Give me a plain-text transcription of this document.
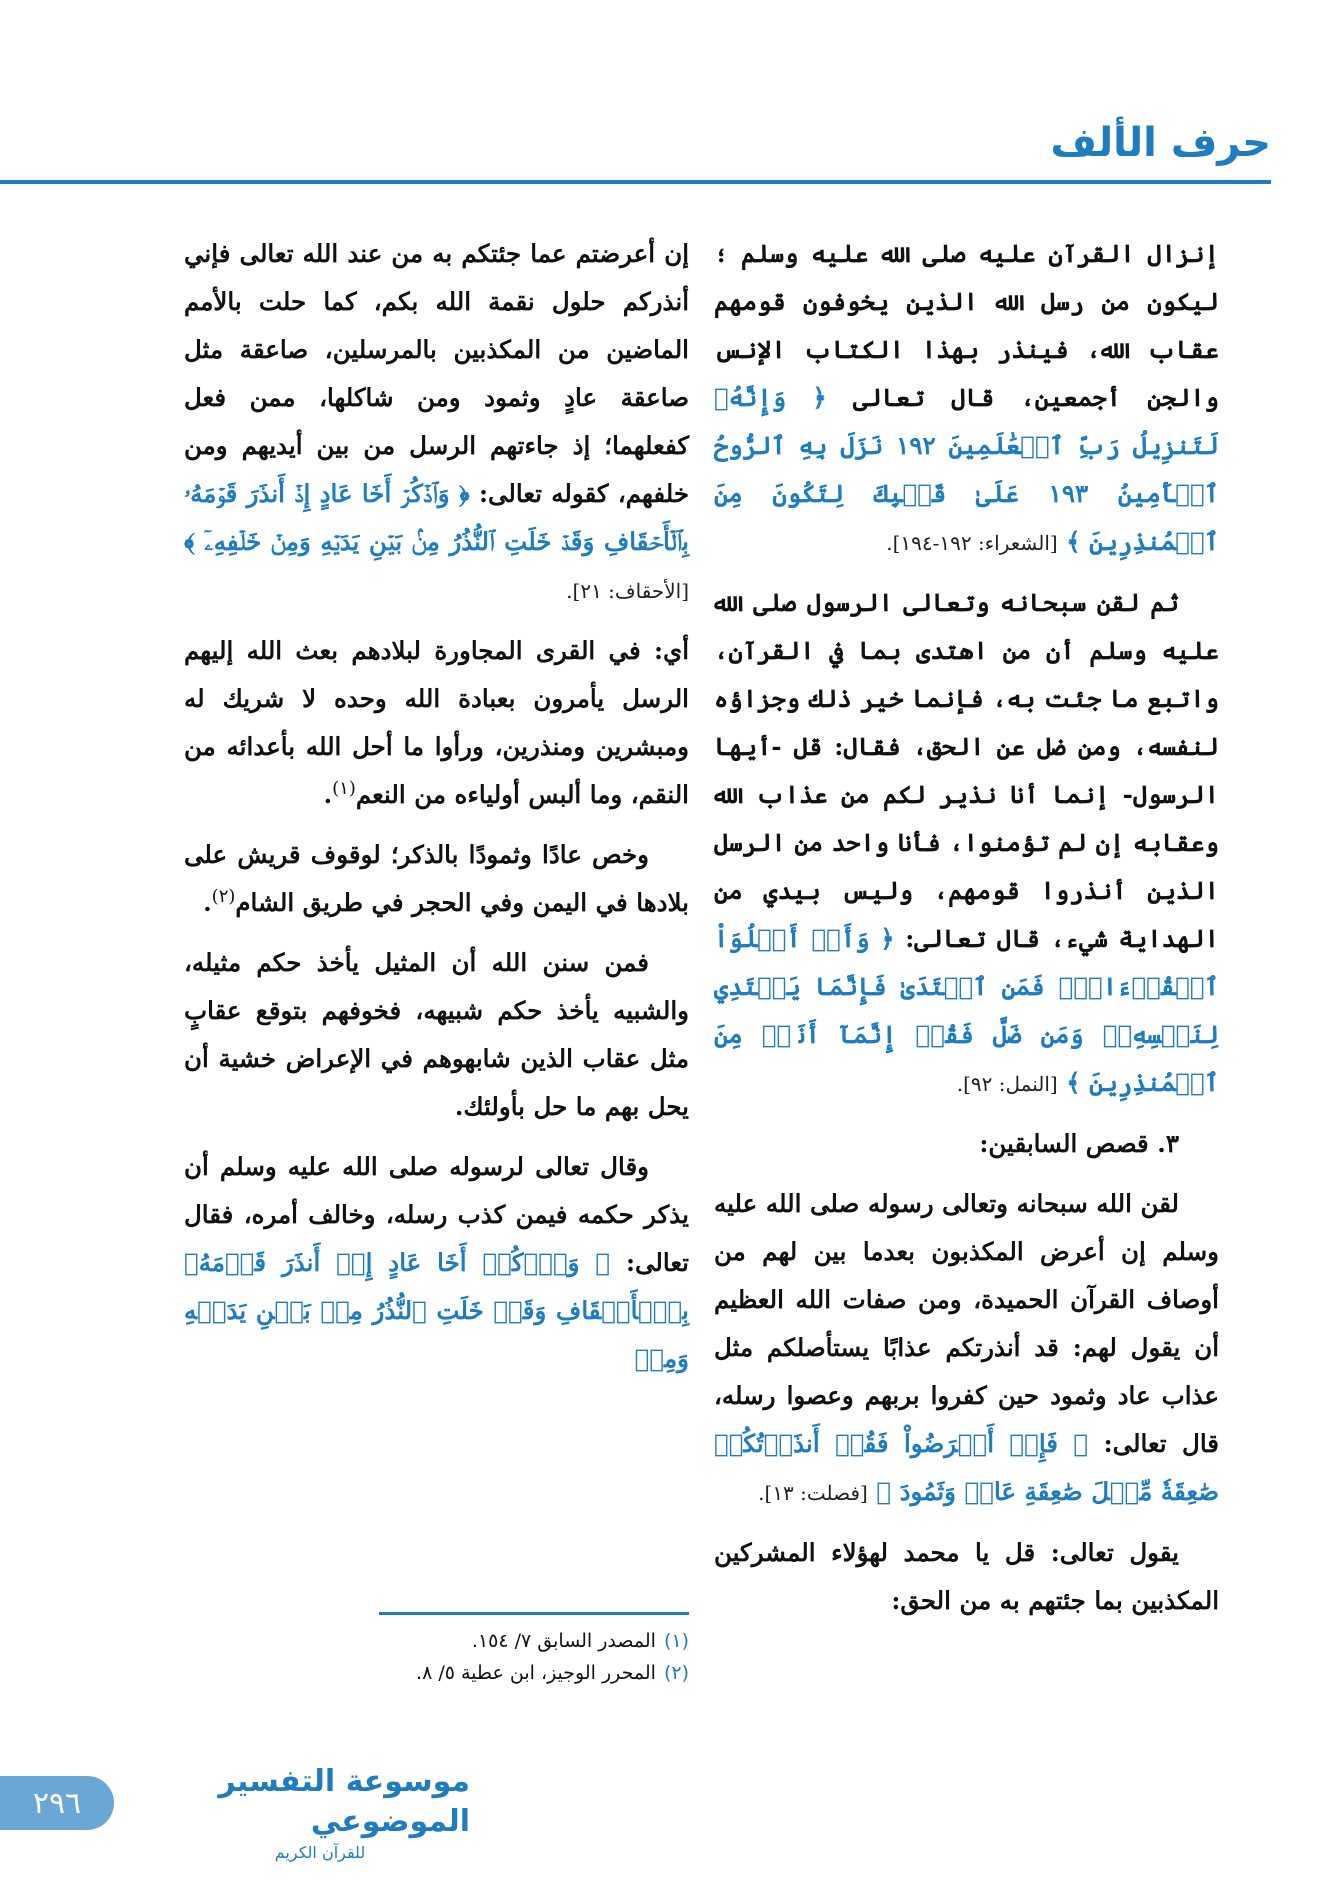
حرف الألف

إنزال القرآن عليه صلى الله عليه وسلم ؛ ليكون من رسل الله الذين يخوفون قومهم عقاب الله، فينذر بهذا الكتاب الإنس والجن أجمعين، قال تعالى ﴿ وَإِنَّهُۥ لَتَنزِيلُ رَبِّ ٱلۡعَٰلَمِينَ ١٩٢ نَزَلَ بِهِ ٱلرُّوحُ ٱلۡأَمِينُ ١٩٣ عَلَىٰ قَلۡبِكَ لِتَكُونَ مِنَ ٱلۡمُنذِرِينَ ﴾ [الشعراء: ١٩٢-١٩٤].

ثم لقن سبحانه وتعالى الرسول صلى الله عليه وسلم أن من اهتدى بما في القرآن، واتبع ما جئت به، فإنما خير ذلك وجزاؤه لنفسه، ومن ضل عن الحق، فقال: قل -أيها الرسول- إنما أنا نذير لكم من عذاب الله وعقابه إن لم تؤمنوا، فأنا واحد من الرسل الذين أنذروا قومهم، وليس بيدي من الهداية شيء، قال تعالى: ﴿ وَأَنۡ أَتۡلُوَاْ ٱلۡقُرۡءَانَۖ فَمَنِ ٱهۡتَدَىٰ فَإِنَّمَا يَهۡتَدِي لِنَفۡسِهِۦۖ وَمَن ضَلَّ فَقُلۡ إِنَّمَآ أَنَا۠ مِنَ ٱلۡمُنذِرِينَ ﴾ [النمل: ٩٢].

٣. قصص السابقين:

لقن الله سبحانه وتعالى رسوله صلى الله عليه وسلم إن أعرض المكذبون بعدما بين لهم من أوصاف القرآن الحميدة، ومن صفات الله العظيم أن يقول لهم: قد أنذرتكم عذابًا يستأصلكم مثل عذاب عاد وثمود حين كفروا بربهم وعصوا رسله، قال تعالى: ﴿ فَإِنۡ أَعۡرَضُواْ فَقُلۡ أَنذَرۡتُكُمۡ صَٰعِقَةٗ مِّثۡلَ صَٰعِقَةِ عَادٖ وَثَمُودَ ﴾ [فصلت: ١٣].

يقول تعالى: قل يا محمد لهؤلاء المشركين المكذبين بما جئتهم به من الحق:

إن أعرضتم عما جئتكم به من عند الله تعالى فإني أنذركم حلول نقمة الله بكم، كما حلت بالأمم الماضين من المكذبين بالمرسلين، صاعقة مثل صاعقة عادٍ وثمود ومن شاكلها، ممن فعل كفعلهما؛ إذ جاءتهم الرسل من بين أيديهم ومن خلفهم، كقوله تعالى: ﴿ وَٱذۡكُرۡ أَخَا عَادٍ إِذۡ أَنذَرَ قَوۡمَهُۥ بِٱلۡأَحۡقَافِ وَقَدۡ خَلَتِ ٱلنُّذُرُ مِنۢ بَيۡنِ يَدَيۡهِ وَمِنۡ خَلۡفِهِۦٓ ﴾ [الأحقاف: ٢١].

أي: في القرى المجاورة لبلادهم بعث الله إليهم الرسل يأمرون بعبادة الله وحده لا شريك له ومبشرين ومنذرين، ورأوا ما أحل الله بأعدائه من النقم، وما ألبس أولياءه من النعم$^{(١)}$.

وخص عادًا وثمودًا بالذكر؛ لوقوف قريش على بلادها في اليمن وفي الحجر في طريق الشام$^{(٢)}$.

فمن سنن الله أن المثيل يأخذ حكم مثيله، والشبيه يأخذ حكم شبيهه، فخوفهم بتوقع عقابٍ مثل عقاب الذين شابهوهم في الإعراض خشية أن يحل بهم ما حل بأولئك.

وقال تعالى لرسوله صلى الله عليه وسلم أن يذكر حكمه فيمن كذب رسله، وخالف أمره، فقال تعالى: ﴿ وَٱذۡكُرۡ أَخَا عَادٍ إِذۡ أَنذَرَ قَوۡمَهُۥ بِٱلۡأَحۡقَافِ وَقَدۡ خَلَتِ ٱلنُّذُرُ مِنۢ بَيۡنِ يَدَيۡهِ وَمِنۡ

(١)المصدر السابق ٧/ ١٥٤.
(٢)المحرر الوجيز، ابن عطية ٥/ ٨.
٢٩٦
موسوعة التفسير الموضوعي
للقرآن الكريم
